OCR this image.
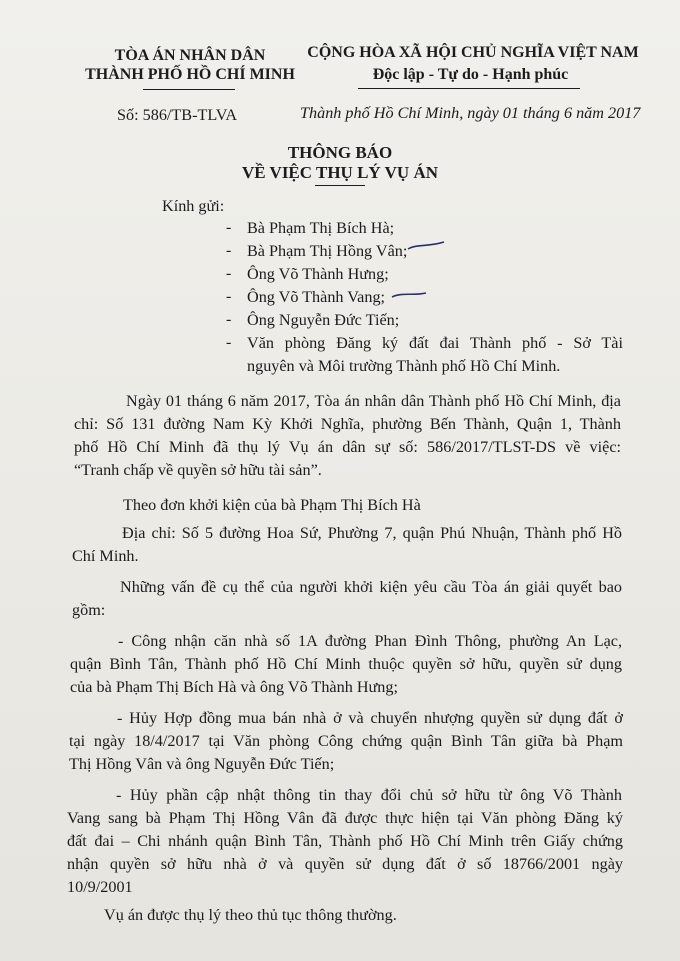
TÒA ÁN NHÂN DÂN
THÀNH PHỐ HỒ CHÍ MINH
CỘNG HÒA XÃ HỘI CHỦ NGHĨA VIỆT NAM
Độc lập - Tự do - Hạnh phúc
Số: 586/TB-TLVA	Thành phố Hồ Chí Minh, ngày 01 tháng 6 năm 2017
THÔNG BÁO
VỀ VIỆC THỤ LÝ VỤ ÁN
Kính gửi:
- Bà Phạm Thị Bích Hà;
- Bà Phạm Thị Hồng Vân;
- Ông Võ Thành Hưng;
- Ông Võ Thành Vang;
- Ông Nguyễn Đức Tiến;
- Văn phòng Đăng ký đất đai Thành phố - Sở Tài
nguyên và Môi trường Thành phố Hồ Chí Minh.
Ngày 01 tháng 6 năm 2017, Tòa án nhân dân Thành phố Hồ Chí Minh, địa
chỉ: Số 131 đường Nam Kỳ Khởi Nghĩa, phường Bến Thành, Quận 1, Thành
phố Hồ Chí Minh đã thụ lý Vụ án dân sự số: 586/2017/TLST-DS về việc:
“Tranh chấp về quyền sở hữu tài sản”.
Theo đơn khởi kiện của bà Phạm Thị Bích Hà
Địa chỉ: Số 5 đường Hoa Sứ, Phường 7, quận Phú Nhuận, Thành phố Hồ
Chí Minh.
Những vấn đề cụ thể của người khởi kiện yêu cầu Tòa án giải quyết bao
gồm:
- Công nhận căn nhà số 1A đường Phan Đình Thông, phường An Lạc,
quận Bình Tân, Thành phố Hồ Chí Minh thuộc quyền sở hữu, quyền sử dụng
của bà Phạm Thị Bích Hà và ông Võ Thành Hưng;
- Hủy Hợp đồng mua bán nhà ở và chuyển nhượng quyền sử dụng đất ở
tại ngày 18/4/2017 tại Văn phòng Công chứng quận Bình Tân giữa bà Phạm
Thị Hồng Vân và ông Nguyễn Đức Tiến;
- Hủy phần cập nhật thông tin thay đổi chủ sở hữu từ ông Võ Thành
Vang sang bà Phạm Thị Hồng Vân đã được thực hiện tại Văn phòng Đăng ký
đất đai – Chi nhánh quận Bình Tân, Thành phố Hồ Chí Minh trên Giấy chứng
nhận quyền sở hữu nhà ở và quyền sử dụng đất ở số 18766/2001 ngày
10/9/2001
Vụ án được thụ lý theo thủ tục thông thường.
